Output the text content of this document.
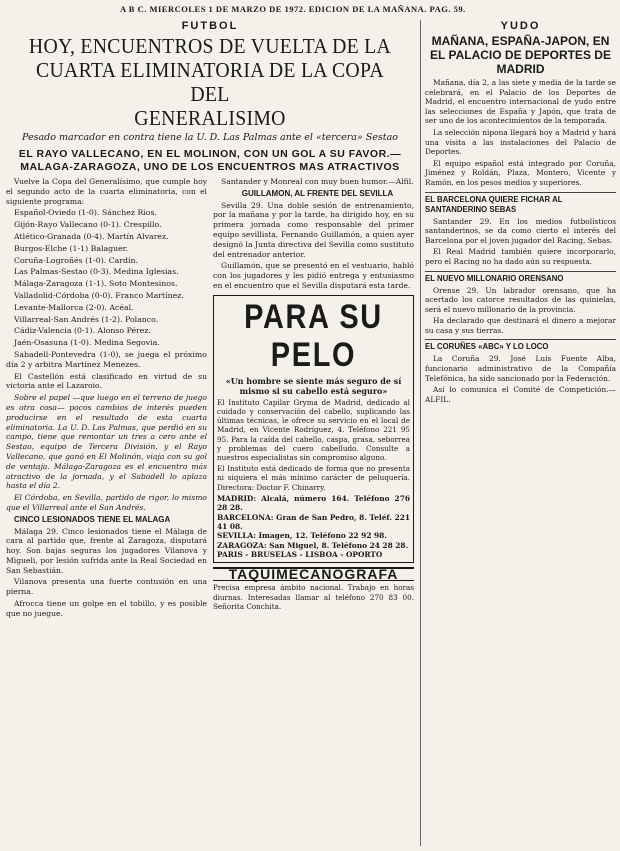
A B C. MIERCOLES 1 DE MARZO DE 1972. EDICION DE LA MAÑANA. PAG. 59.
FUTBOL
HOY, ENCUENTROS DE VUELTA DE LA
CUARTA ELIMINATORIA DE LA COPA DEL
GENERALISIMO
Pesado marcador en contra tiene la U. D. Las Palmas ante el «tercera» Sestao
EL RAYO VALLECANO, EN EL MOLINON, CON UN GOL A SU FAVOR.—MALAGA-ZARAGOZA, UNO DE LOS ENCUENTROS MAS ATRACTIVOS

Vuelve la Copa del Generalísimo, que cumple hoy el segundo acto de la cuarta eliminatoria, con el siguiente programa:

Español-Oviedo (1-0). Sánchez Ríos.

Gijón-Rayo Vallecano (0-1). Crespillo.

Atlético-Granada (0-4). Martín Alvarez.

Burgos-Elche (1-1) Balaguer.

Coruña-Logroñés (1-0). Cardín.

Las Palmas-Sestao (0-3). Medina Iglesias.

Málaga-Zaragoza (1-1). Soto Montesinos.

Valladolid-Córdoba (0-0). Franco Martínez.

Levante-Mallorca (2-0). Acéal.

Villarreal-San Andrés (1-2). Polanco.

Cádiz-Valencia (0-1). Alonso Pérez.

Jaén-Osasuna (1-0). Medina Segovia.

Sabadell-Pontevedra (1-0), se juega el próximo día 2 y arbitra Martínez Menezes.

El Castellón está clasificado en virtud de su victoria ante el Lazaroio.

Sobre el papel —que luego en el terreno de juego es otra cosa— pocos cambios de interés pueden producirse en el resultado de esta cuarta eliminatoria. La U. D. Las Palmas, que perdió en su campo, tiene que remontar un tres a cero ante el Sestao, equipo de Tercera División, y el Rayo Vallecano, que ganó en El Molinón, viaja con su gol de ventaja. Málaga-Zaragoza es el encuentro más atractivo de la jornada, y el Sabadell lo aplaza hasta el día 2.

El Córdoba, en Sevilla, partido de rigor, lo mismo que el Villarreal ante el San Andrés.

CINCO LESIONADOS TIENE EL MALAGA

Málaga 29. Cinco lesionados tiene el Málaga de cara al partido que, frente al Zaragoza, disputará hoy. Son bajas seguras los jugadores Vilanova y Migueli, por lesión sufrida ante la Real Sociedad en San Sebastián.

Vilanova presenta una fuerte contusión en una pierna.

Afrocca tiene un golpe en el tobillo, y es posible que no juegue.

Santander y Monreal con muy buen humor.—Alfil.

GUILLAMON, AL FRENTE DEL SEVILLA

Sevilla 29. Una doble sesión de entrenamiento, por la mañana y por la tarde, ha dirigido hoy, en su primera jornada como responsable del primer equipo sevillista, Fernando Guillamón, a quien ayer designó la Junta directiva del Sevilla como sustituto del entrenador anterior.

Guillamón, que se presentó en el vestuario, habló con los jugadores y les pidió entrega y entusiasmo en el encuentro que el Sevilla disputará esta tarde.

PARA SU PELO
«Un hombre se siente más seguro de sí mismo si su cabello está seguro»
El Instituto Capilar Gryma de Madrid, dedicado al cuidado y conservación del cabello, suplicando las últimas técnicas, le ofrece su servicio en el local de Madrid, en Vicente Rodríguez, 4. Teléfono 221 95 95. Para la caída del cabello, caspa, grasa, seborrea y problemas del cuero cabelludo. Consulte a nuestros especialistas sin compromiso alguno.
El Instituto está dedicado de forma que no presenta ni siquiera el más mínimo carácter de peluquería. Directora: Doctor F. Chinarry.
MADRID: Alcalá, número 164. Teléfono 276 28 28.
BARCELONA: Gran de San Pedro, 8. Teléf. 221 41 08.
SEVILLA: Imagen, 12. Teléfono 22 92 98.
ZARAGOZA: San Miguel, 8. Teléfono 24 28 28.
PARIS - BRUSELAS - LISBOA - OPORTO
TAQUIMECANOGRAFA
Precisa empresa ámbito nacional. Trabajo en horas diurnas. Interesadas llamar al teléfono 270 83 00. Señorita Conchita.
YUDO
MAÑANA, ESPAÑA-JAPON, EN EL PALACIO DE DEPORTES DE MADRID

Mañana, día 2, a las siete y media de la tarde se celebrará, en el Palacio de los Deportes de Madrid, el encuentro internacional de yudo entre las selecciones de España y Japón, que trata de ser uno de los acontecimientos de la temporada.

La selección nipona llegará hoy a Madrid y hará una visita a las instalaciones del Palacio de Deportes.

El equipo español está integrado por Coruña, Jiménez y Roldán, Plaza, Montero, Vicente y Ramón, en los pesos medios y superiores.

EL BARCELONA QUIERE FICHAR AL SANTANDERINO SEBAS

Santander 29. En los medios futbolísticos santanderinos, se da como cierto el interés del Barcelona por el joven jugador del Racing, Sebas.

El Real Madrid también quiere incorporarlo, pero el Racing no ha dado aún su respuesta.

EL NUEVO MILLONARIO ORENSANO

Orense 29. Un labrador orensano, que ha acertado los catorce resultados de las quinielas, será el nuevo millonario de la provincia.

Ha declarado que destinará el dinero a mejorar su casa y sus tierras.

EL CORUÑES «ABC» Y LO LOCO

La Coruña 29. José Luis Fuente Alba, funcionario administrativo de la Compañía Telefónica, ha sido sancionado por la Federación.

Así lo comunica el Comité de Competición.—ALFIL.
